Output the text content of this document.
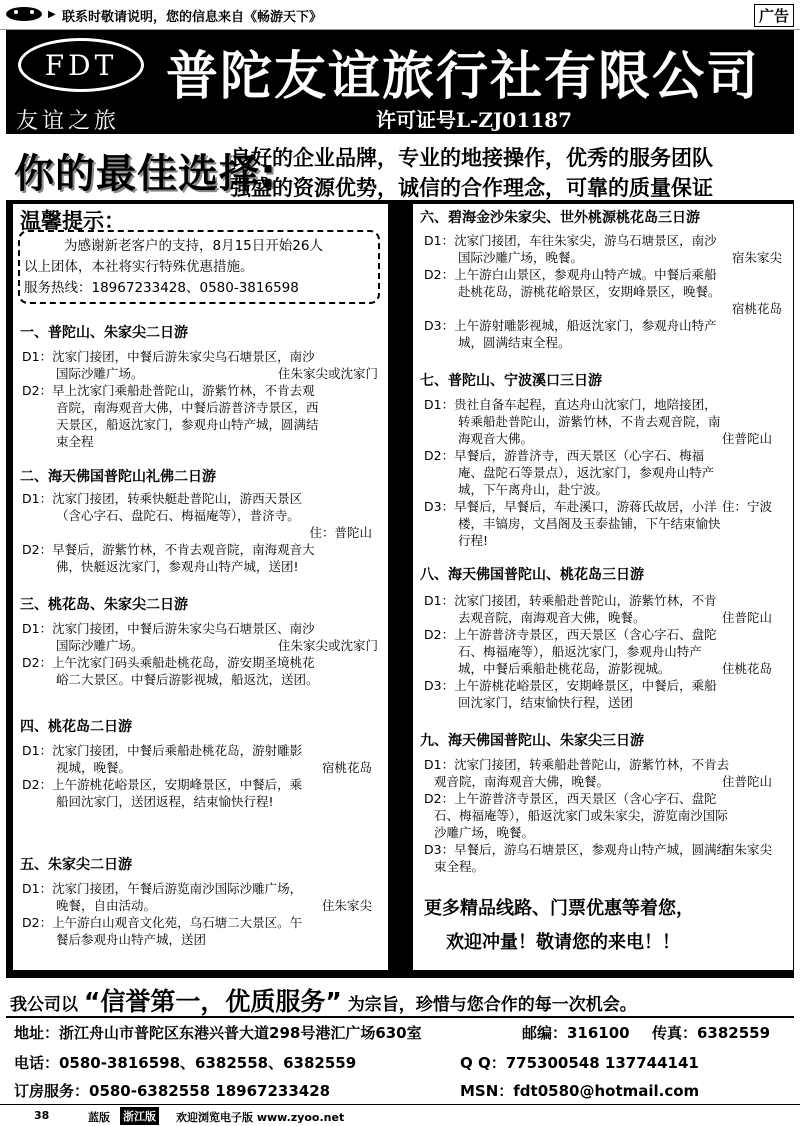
▶ 联系时敬请说明，您的信息来自《畅游天下》	广告
FDT 普陀友谊旅行社有限公司
友谊之旅	许可证号L-ZJ01187
你的最佳选择:
良好的企业品牌，专业的地接操作，优秀的服务团队
强盛的资源优势，诚信的合作理念，可靠的质量保证
温馨提示：
为感谢新老客户的支持，8月15日开始26人
以上团体，本社将实行特殊优惠措施。
服务热线：18967233428、0580-3816598
一、普陀山、朱家尖二日游
D1：沈家门接团，中餐后游朱家尖乌石塘景区，南沙
国际沙雕广场。	住朱家尖或沈家门
D2：早上沈家门乘船赴普陀山，游紫竹林，不肯去观
音院，南海观音大佛，中餐后游普济寺景区，西
天景区，船返沈家门，参观舟山特产城，圆满结
束全程
二、海天佛国普陀山礼佛二日游
D1：沈家门接团，转乘快艇赴普陀山，游西天景区
（含心字石、盘陀石、梅福庵等），普济寺。
住：普陀山
D2：早餐后，游紫竹林，不肯去观音院，南海观音大
佛，快艇返沈家门，参观舟山特产城，送团!
三、桃花岛、朱家尖二日游
D1：沈家门接团，中餐后游朱家尖乌石塘景区、南沙
国际沙雕广场。	住朱家尖或沈家门
D2：上午沈家门码头乘船赴桃花岛，游安期圣境桃花
峪二大景区。中餐后游影视城，船返沈，送团。
四、桃花岛二日游
D1：沈家门接团，中餐后乘船赴桃花岛，游射雕影
视城，晚餐。	宿桃花岛
D2：上午游桃花峪景区，安期峰景区，中餐后，乘
船回沈家门，送团返程，结束愉快行程!
五、朱家尖二日游
D1：沈家门接团，午餐后游览南沙国际沙雕广场，
晚餐，自由活动。	住朱家尖
D2：上午游白山观音文化苑，乌石塘二大景区。午
餐后参观舟山特产城，送团
六、碧海金沙朱家尖、世外桃源桃花岛三日游
D1：沈家门接团，车往朱家尖，游乌石塘景区，南沙
国际沙雕广场，晚餐。	宿朱家尖
D2：上午游白山景区，参观舟山特产城。中餐后乘船
赴桃花岛，游桃花峪景区，安期峰景区，晚餐。
宿桃花岛
D3：上午游射雕影视城，船返沈家门，参观舟山特产
城，圆满结束全程。
七、普陀山、宁波溪口三日游
D1：贵社自备车起程，直达舟山沈家门，地陪接团，
转乘船赴普陀山，游紫竹林，不肯去观音院，南
海观音大佛。	住普陀山
D2：早餐后，游普济寺，西天景区（心字石、梅福
庵、盘陀石等景点），返沈家门，参观舟山特产
城，下午离舟山，赴宁波。
住：宁波
D3：早餐后，早餐后，车赴溪口，游蒋氏故居，小洋
楼，丰镐房，文昌阁及玉泰盐铺，下午结束愉快
行程!
八、海天佛国普陀山、桃花岛三日游
D1：沈家门接团，转乘船赴普陀山，游紫竹林，不肯
去观音院，南海观音大佛，晚餐。	住普陀山
D2：上午游普济寺景区，西天景区（含心字石、盘陀
石、梅福庵等），船返沈家门，参观舟山特产
城，中餐后乘船赴桃花岛，游影视城。	住桃花岛
D3：上午游桃花峪景区，安期峰景区，中餐后，乘船
回沈家门，结束愉快行程，送团
九、海天佛国普陀山、朱家尖三日游
D1：沈家门接团，转乘船赴普陀山，游紫竹林，不肯去
观音院，南海观音大佛，晚餐。	住普陀山
D2：上午游普济寺景区，西天景区（含心字石、盘陀
石、梅福庵等），船返沈家门或朱家尖，游览南沙国际
沙雕广场，晚餐。
宿朱家尖
D3：早餐后，游乌石塘景区，参观舟山特产城，圆满结
束全程。
更多精品线路、门票优惠等着您，
欢迎冲量！敬请您的来电！！
我公司以 “信誉第一，优质服务” 为宗旨，珍惜与您合作的每一次机会。
地址：浙江舟山市普陀区东港兴普大道298号港汇广场630室	邮编：316100 传真：6382559
电话：0580-3816598、6382558、6382559	Q Q：775300548 137744141
订房服务：0580-6382558 18967233428	MSN：fdt0580@hotmail.com
38	蓝版 浙江版 欢迎浏览电子版 www.zyoo.net
